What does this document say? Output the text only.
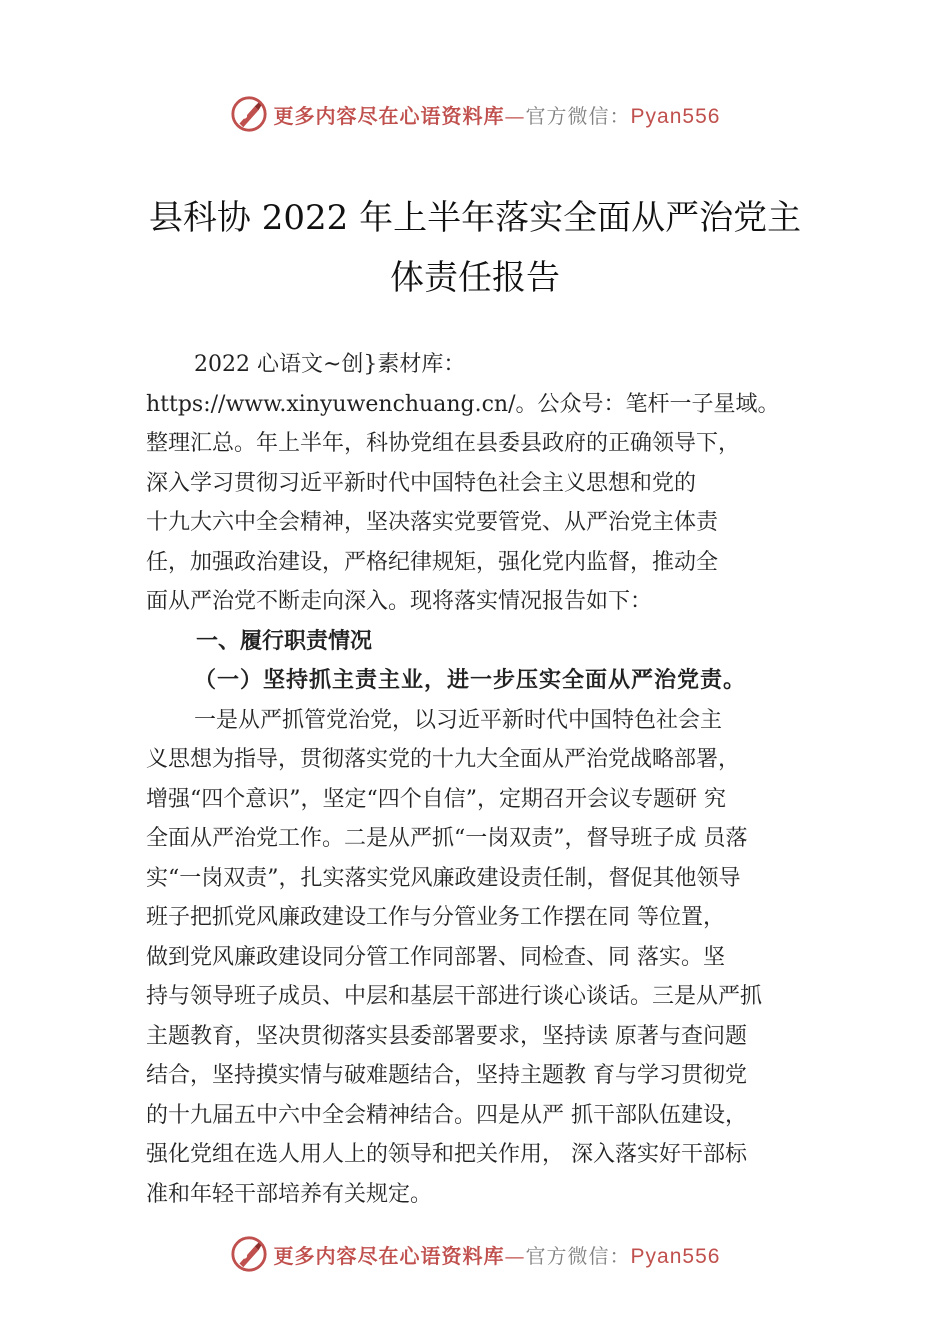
更多内容尽在心语资料库—官方微信：Pyan556
县科协 2022 年上半年落实全面从严治党主
体责任报告
2022 心语文~创}素材库：
https://www.xinyuwenchuang.cn/。公众号：笔杆一子星域。
整理汇总。年上半年，科协党组在县委县政府的正确领导下，
深入学习贯彻习近平新时代中国特色社会主义思想和党的
十九大六中全会精神，坚决落实党要管党、从严治党主体责
任，加强政治建设，严格纪律规矩，强化党内监督，推动全
面从严治党不断走向深入。现将落实情况报告如下：
一、履行职责情况
（一）坚持抓主责主业，进一步压实全面从严治党责。
一是从严抓管党治党，以习近平新时代中国特色社会主
义思想为指导，贯彻落实党的十九大全面从严治党战略部署，
增强“四个意识”，坚定“四个自信”，定期召开会议专题研 究
全面从严治党工作。二是从严抓“一岗双责”，督导班子成 员落
实“一岗双责”，扎实落实党风廉政建设责任制，督促其他领导
班子把抓党风廉政建设工作与分管业务工作摆在同 等位置，
做到党风廉政建设同分管工作同部署、同检查、同 落实。坚
持与领导班子成员、中层和基层干部进行谈心谈话。三是从严抓
主题教育，坚决贯彻落实县委部署要求，坚持读 原著与查问题
结合，坚持摸实情与破难题结合，坚持主题教 育与学习贯彻党
的十九届五中六中全会精神结合。四是从严 抓干部队伍建设，
强化党组在选人用人上的领导和把关作用， 深入落实好干部标
准和年轻干部培养有关规定。
更多内容尽在心语资料库—官方微信：Pyan556
